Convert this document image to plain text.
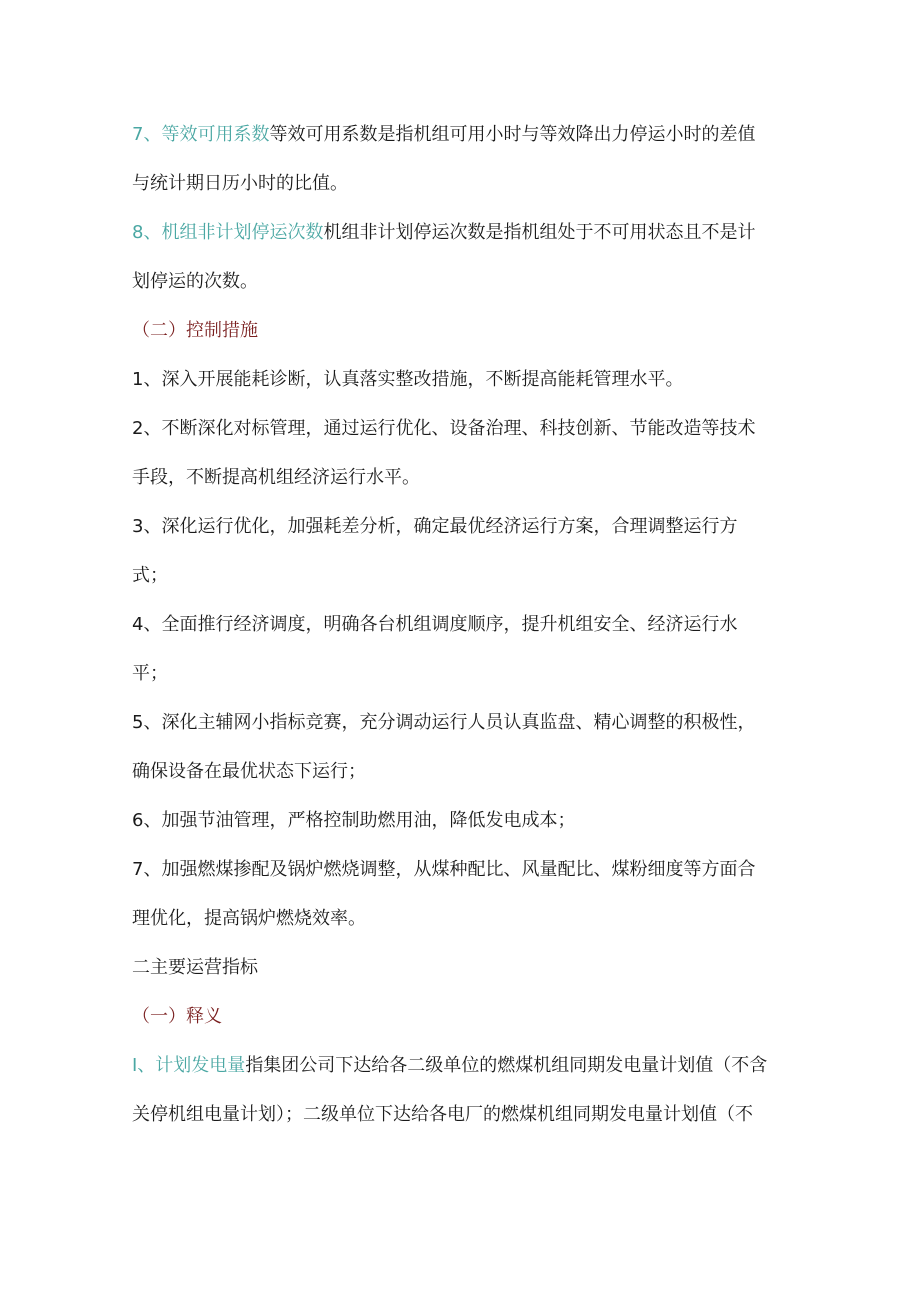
7、等效可用系数等效可用系数是指机组可用小时与等效降出力停运小时的差值
与统计期日历小时的比值。

8、机组非计划停运次数机组非计划停运次数是指机组处于不可用状态且不是计
划停运的次数。

（二）控制措施

1、深入开展能耗诊断，认真落实整改措施，不断提高能耗管理水平。

2、不断深化对标管理，通过运行优化、设备治理、科技创新、节能改造等技术
手段，不断提高机组经济运行水平。

3、深化运行优化，加强耗差分析，确定最优经济运行方案，合理调整运行方
式；

4、全面推行经济调度，明确各台机组调度顺序，提升机组安全、经济运行水
平；

5、深化主辅网小指标竞赛，充分调动运行人员认真监盘、精心调整的积极性，
确保设备在最优状态下运行；

6、加强节油管理，严格控制助燃用油，降低发电成本；

7、加强燃煤掺配及锅炉燃烧调整，从煤种配比、风量配比、煤粉细度等方面合
理优化，提高锅炉燃烧效率。

二主要运营指标

（一）释义

I、计划发电量指集团公司下达给各二级单位的燃煤机组同期发电量计划值（不含
关停机组电量计划）；二级单位下达给各电厂的燃煤机组同期发电量计划值（不
